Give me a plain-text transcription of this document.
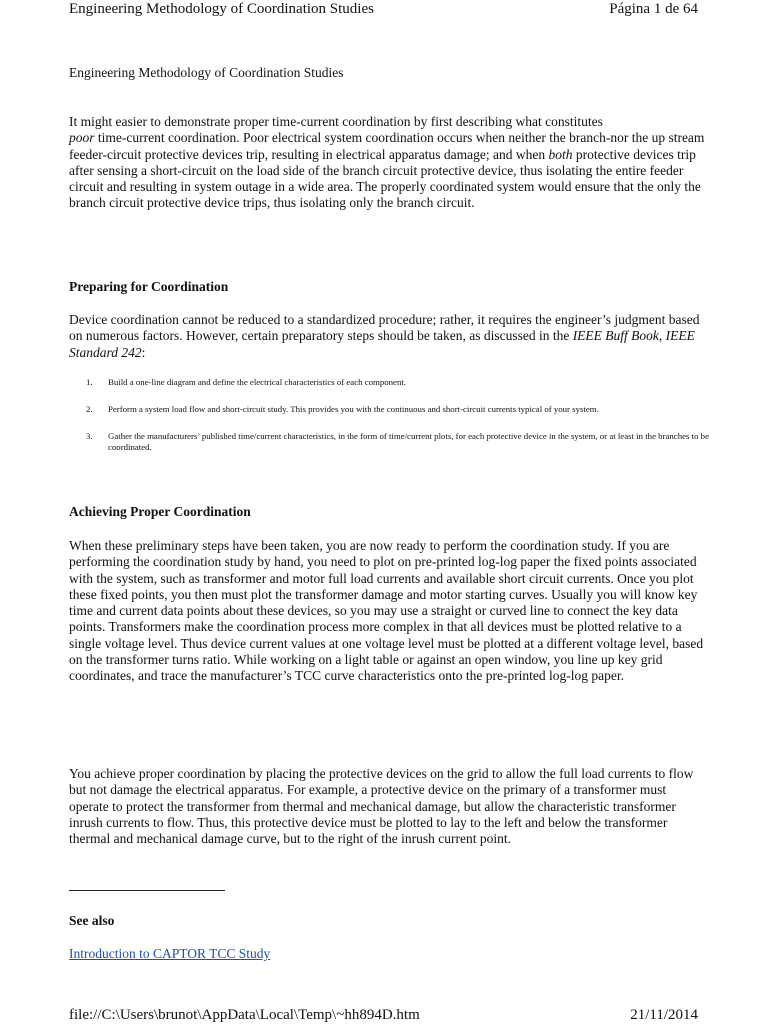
Engineering Methodology of Coordination Studies	Página 1 de 64
Engineering Methodology of Coordination Studies

It might easier to demonstrate proper time-current coordination by first describing what constitutes
poor time-current coordination. Poor electrical system coordination occurs when neither the branch-nor the up stream feeder-circuit protective devices trip, resulting in electrical apparatus damage; and when both protective devices trip after sensing a short-circuit on the load side of the branch circuit protective device, thus isolating the entire feeder circuit and resulting in system outage in a wide area. The properly coordinated system would ensure that the only the branch circuit protective device trips, thus isolating only the branch circuit.

Preparing for Coordination

Device coordination cannot be reduced to a standardized procedure; rather, it requires the engineer’s judgment based on numerous factors. However, certain preparatory steps should be taken, as discussed in the IEEE Buff Book, IEEE Standard 242:

1. Build a one-line diagram and define the electrical characteristics of each component.
2. Perform a system load flow and short-circuit study. This provides you with the continuous and short-circuit currents typical of your system.
3. Gather the manufacturers’ published time/current characteristics, in the form of time/current plots, for each protective device in the system, or at least in the branches to be coordinated.
Achieving Proper Coordination

When these preliminary steps have been taken, you are now ready to perform the coordination study. If you are performing the coordination study by hand, you need to plot on pre-printed log-log paper the fixed points associated with the system, such as transformer and motor full load currents and available short circuit currents. Once you plot these fixed points, you then must plot the transformer damage and motor starting curves. Usually you will know key time and current data points about these devices, so you may use a straight or curved line to connect the key data points. Transformers make the coordination process more complex in that all devices must be plotted relative to a single voltage level. Thus device current values at one voltage level must be plotted at a different voltage level, based on the transformer turns ratio. While working on a light table or against an open window, you line up key grid coordinates, and trace the manufacturer’s TCC curve characteristics onto the pre-printed log-log paper.

You achieve proper coordination by placing the protective devices on the grid to allow the full load currents to flow but not damage the electrical apparatus. For example, a protective device on the primary of a transformer must operate to protect the transformer from thermal and mechanical damage, but allow the characteristic transformer inrush currents to flow. Thus, this protective device must be plotted to lay to the left and below the transformer thermal and mechanical damage curve, but to the right of the inrush current point.

See also
Introduction to CAPTOR TCC Study
file://C:\Users\brunot\AppData\Local\Temp\~hh894D.htm	21/11/2014
